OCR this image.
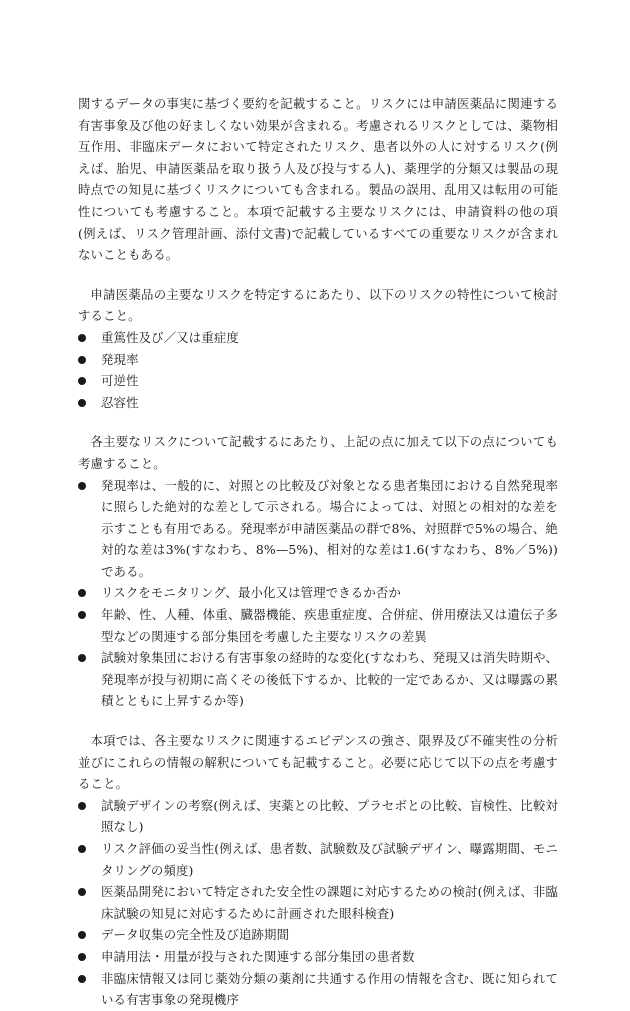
関するデータの事実に基づく要約を記載すること。リスクには申請医薬品に関連する有害事象及び他の好ましくない効果が含まれる。考慮されるリスクとしては、薬物相互作用、非臨床データにおいて特定されたリスク、患者以外の人に対するリスク(例えば、胎児、申請医薬品を取り扱う人及び投与する人)、薬理学的分類又は製品の現時点での知見に基づくリスクについても含まれる。製品の誤用、乱用又は転用の可能性についても考慮すること。本項で記載する主要なリスクには、申請資料の他の項(例えば、リスク管理計画、添付文書)で記載しているすべての重要なリスクが含まれないこともある。

申請医薬品の主要なリスクを特定するにあたり、以下のリスクの特性について検討すること。

重篤性及び／又は重症度
発現率
可逆性
忍容性

各主要なリスクについて記載するにあたり、上記の点に加えて以下の点についても考慮すること。

発現率は、一般的に、対照との比較及び対象となる患者集団における自然発現率に照らした絶対的な差として示される。場合によっては、対照との相対的な差を示すことも有用である。発現率が申請医薬品の群で8%、対照群で5%の場合、絶対的な差は3%(すなわち、8%—5%)、相対的な差は1.6(すなわち、8%／5%))である。
リスクをモニタリング、最小化又は管理できるか否か
年齢、性、人種、体重、臓器機能、疾患重症度、合併症、併用療法又は遺伝子多型などの関連する部分集団を考慮した主要なリスクの差異
試験対象集団における有害事象の経時的な変化(すなわち、発現又は消失時期や、発現率が投与初期に高くその後低下するか、比較的一定であるか、又は曝露の累積とともに上昇するか等)

本項では、各主要なリスクに関連するエビデンスの強さ、限界及び不確実性の分析並びにこれらの情報の解釈についても記載すること。必要に応じて以下の点を考慮すること。

試験デザインの考察(例えば、実薬との比較、プラセボとの比較、盲検性、比較対照なし)
リスク評価の妥当性(例えば、患者数、試験数及び試験デザイン、曝露期間、モニタリングの頻度)
医薬品開発において特定された安全性の課題に対応するための検討(例えば、非臨床試験の知見に対応するために計画された眼科検査)
データ収集の完全性及び追跡期間
申請用法・用量が投与された関連する部分集団の患者数
非臨床情報又は同じ薬効分類の薬剤に共通する作用の情報を含む、既に知られている有害事象の発現機序
